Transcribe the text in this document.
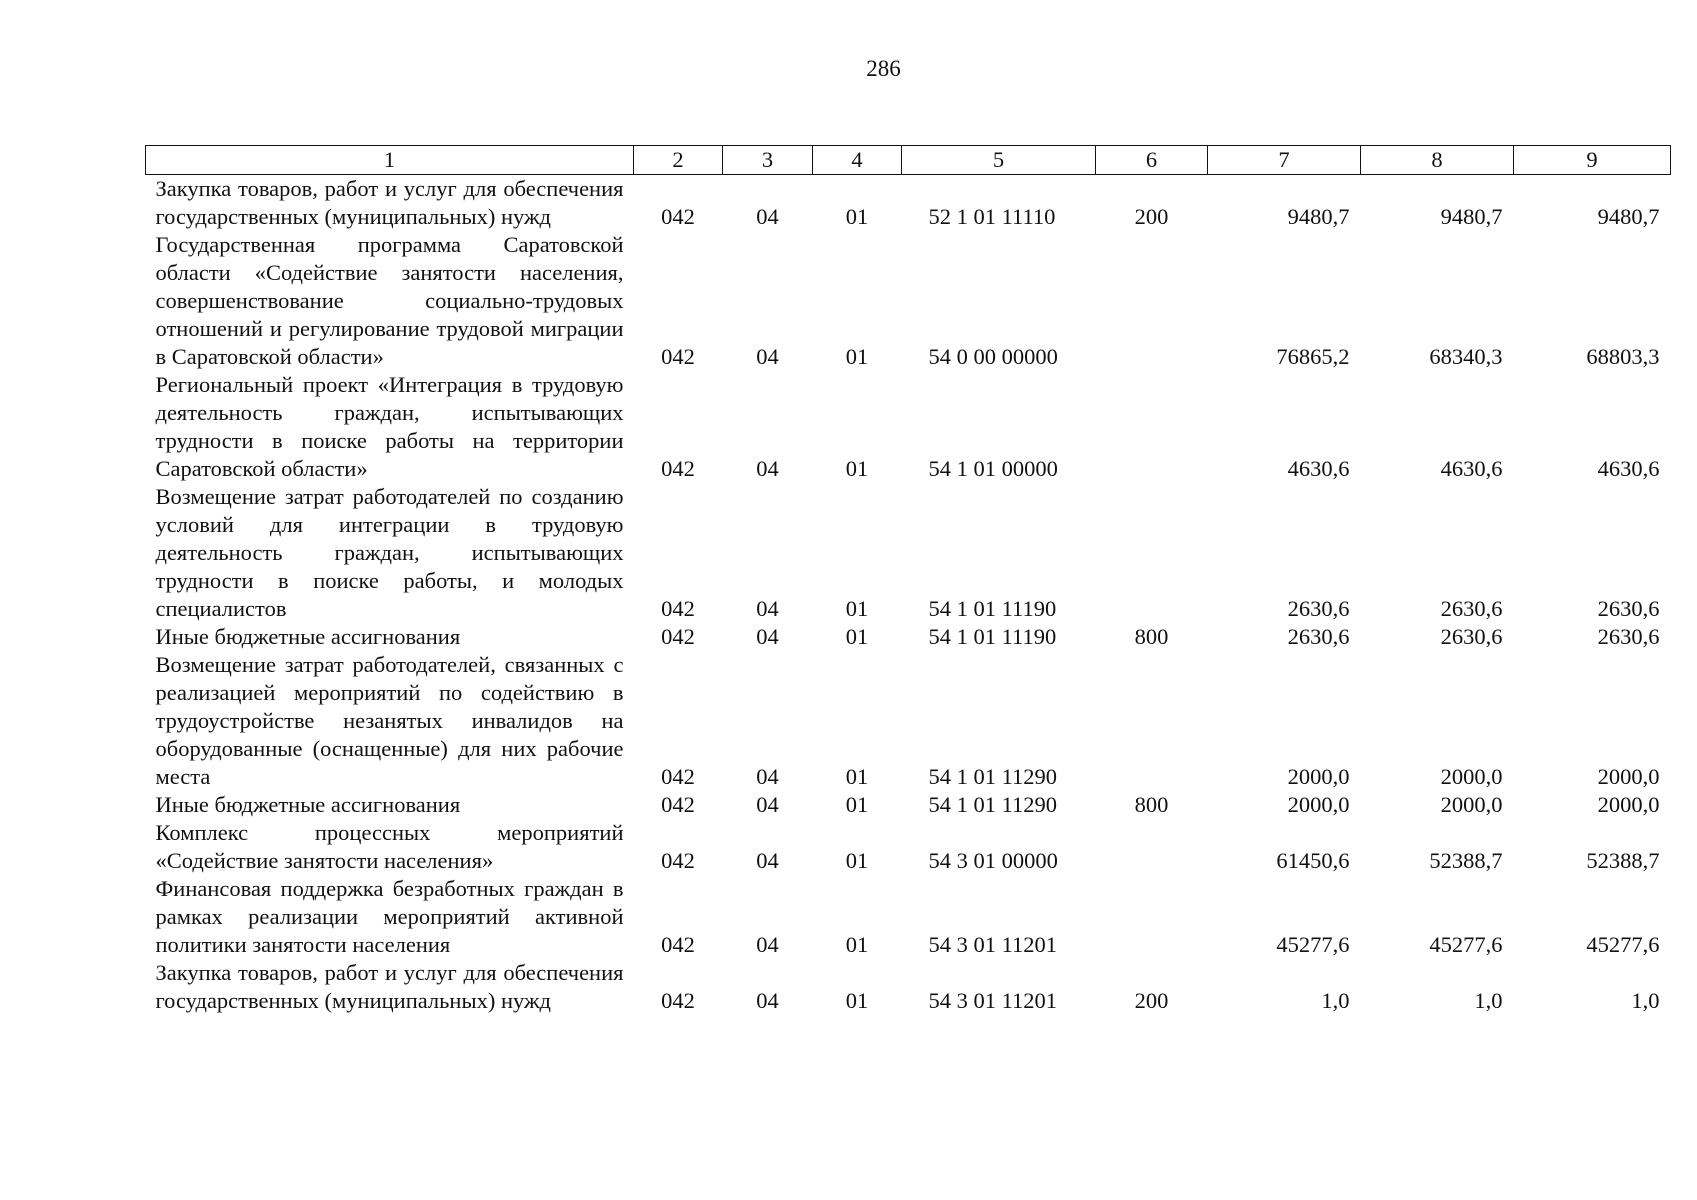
286
1	2	3	4	5	6	7	8	9
Закупка товаров, работ и услуг для обеспечения государственных (муниципальных) нужд	042	04	01	52 1 01 11110	200	9480,7	9480,7	9480,7
Государственная программа Саратовской области «Содействие занятости населения, совершенствование социально-трудовых отношений и регулирование трудовой миграции в Саратовской области»	042	04	01	54 0 00 00000		76865,2	68340,3	68803,3
Региональный проект «Интеграция в трудовую деятельность граждан, испытывающих трудности в поиске работы на территории Саратовской области»	042	04	01	54 1 01 00000		4630,6	4630,6	4630,6
Возмещение затрат работодателей по созданию условий для интеграции в трудовую деятельность граждан, испытывающих трудности в поиске работы, и молодых специалистов	042	04	01	54 1 01 11190		2630,6	2630,6	2630,6
Иные бюджетные ассигнования	042	04	01	54 1 01 11190	800	2630,6	2630,6	2630,6
Возмещение затрат работодателей, связанных с реализацией мероприятий по содействию в трудоустройстве незанятых инвалидов на оборудованные (оснащенные) для них рабочие места	042	04	01	54 1 01 11290		2000,0	2000,0	2000,0
Иные бюджетные ассигнования	042	04	01	54 1 01 11290	800	2000,0	2000,0	2000,0
Комплекс процессных мероприятий «Содействие занятости населения»	042	04	01	54 3 01 00000		61450,6	52388,7	52388,7
Финансовая поддержка безработных граждан в рамках реализации мероприятий активной политики занятости населения	042	04	01	54 3 01 11201		45277,6	45277,6	45277,6
Закупка товаров, работ и услуг для обеспечения государственных (муниципальных) нужд	042	04	01	54 3 01 11201	200	1,0	1,0	1,0
